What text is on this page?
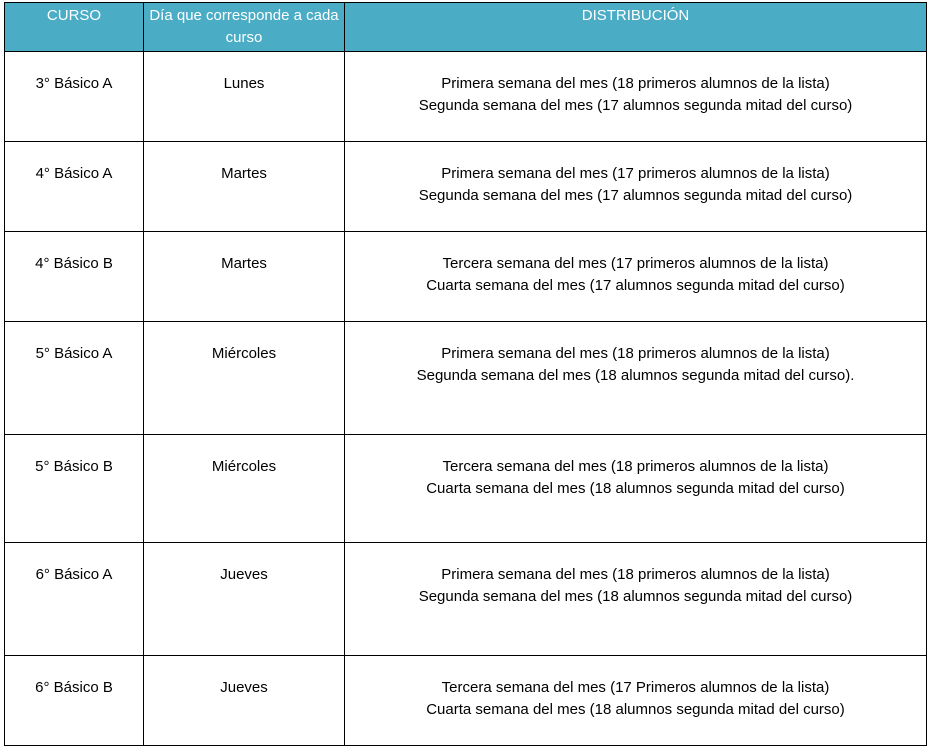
CURSO	Día que corresponde a cada curso	DISTRIBUCIÓN

3° Básico A	Lunes	Primera semana del mes (18 primeros alumnos de la lista)
Segunda semana del mes (17 alumnos segunda mitad del curso)

4° Básico A	Martes	Primera semana del mes (17 primeros alumnos de la lista)
Segunda semana del mes (17 alumnos segunda mitad del curso)

4° Básico B	Martes	Tercera semana del mes (17 primeros alumnos de la lista)
Cuarta semana del mes (17 alumnos segunda mitad del curso)

5° Básico A	Miércoles	Primera semana del mes (18 primeros alumnos de la lista)
Segunda semana del mes (18 alumnos segunda mitad del curso).

5° Básico B	Miércoles	Tercera semana del mes (18 primeros alumnos de la lista)
Cuarta semana del mes (18 alumnos segunda mitad del curso)

6° Básico A	Jueves	Primera semana del mes (18 primeros alumnos de la lista)
Segunda semana del mes (18 alumnos segunda mitad del curso)

6° Básico B	Jueves	Tercera semana del mes (17 Primeros alumnos de la lista)
Cuarta semana del mes (18 alumnos segunda mitad del curso)
